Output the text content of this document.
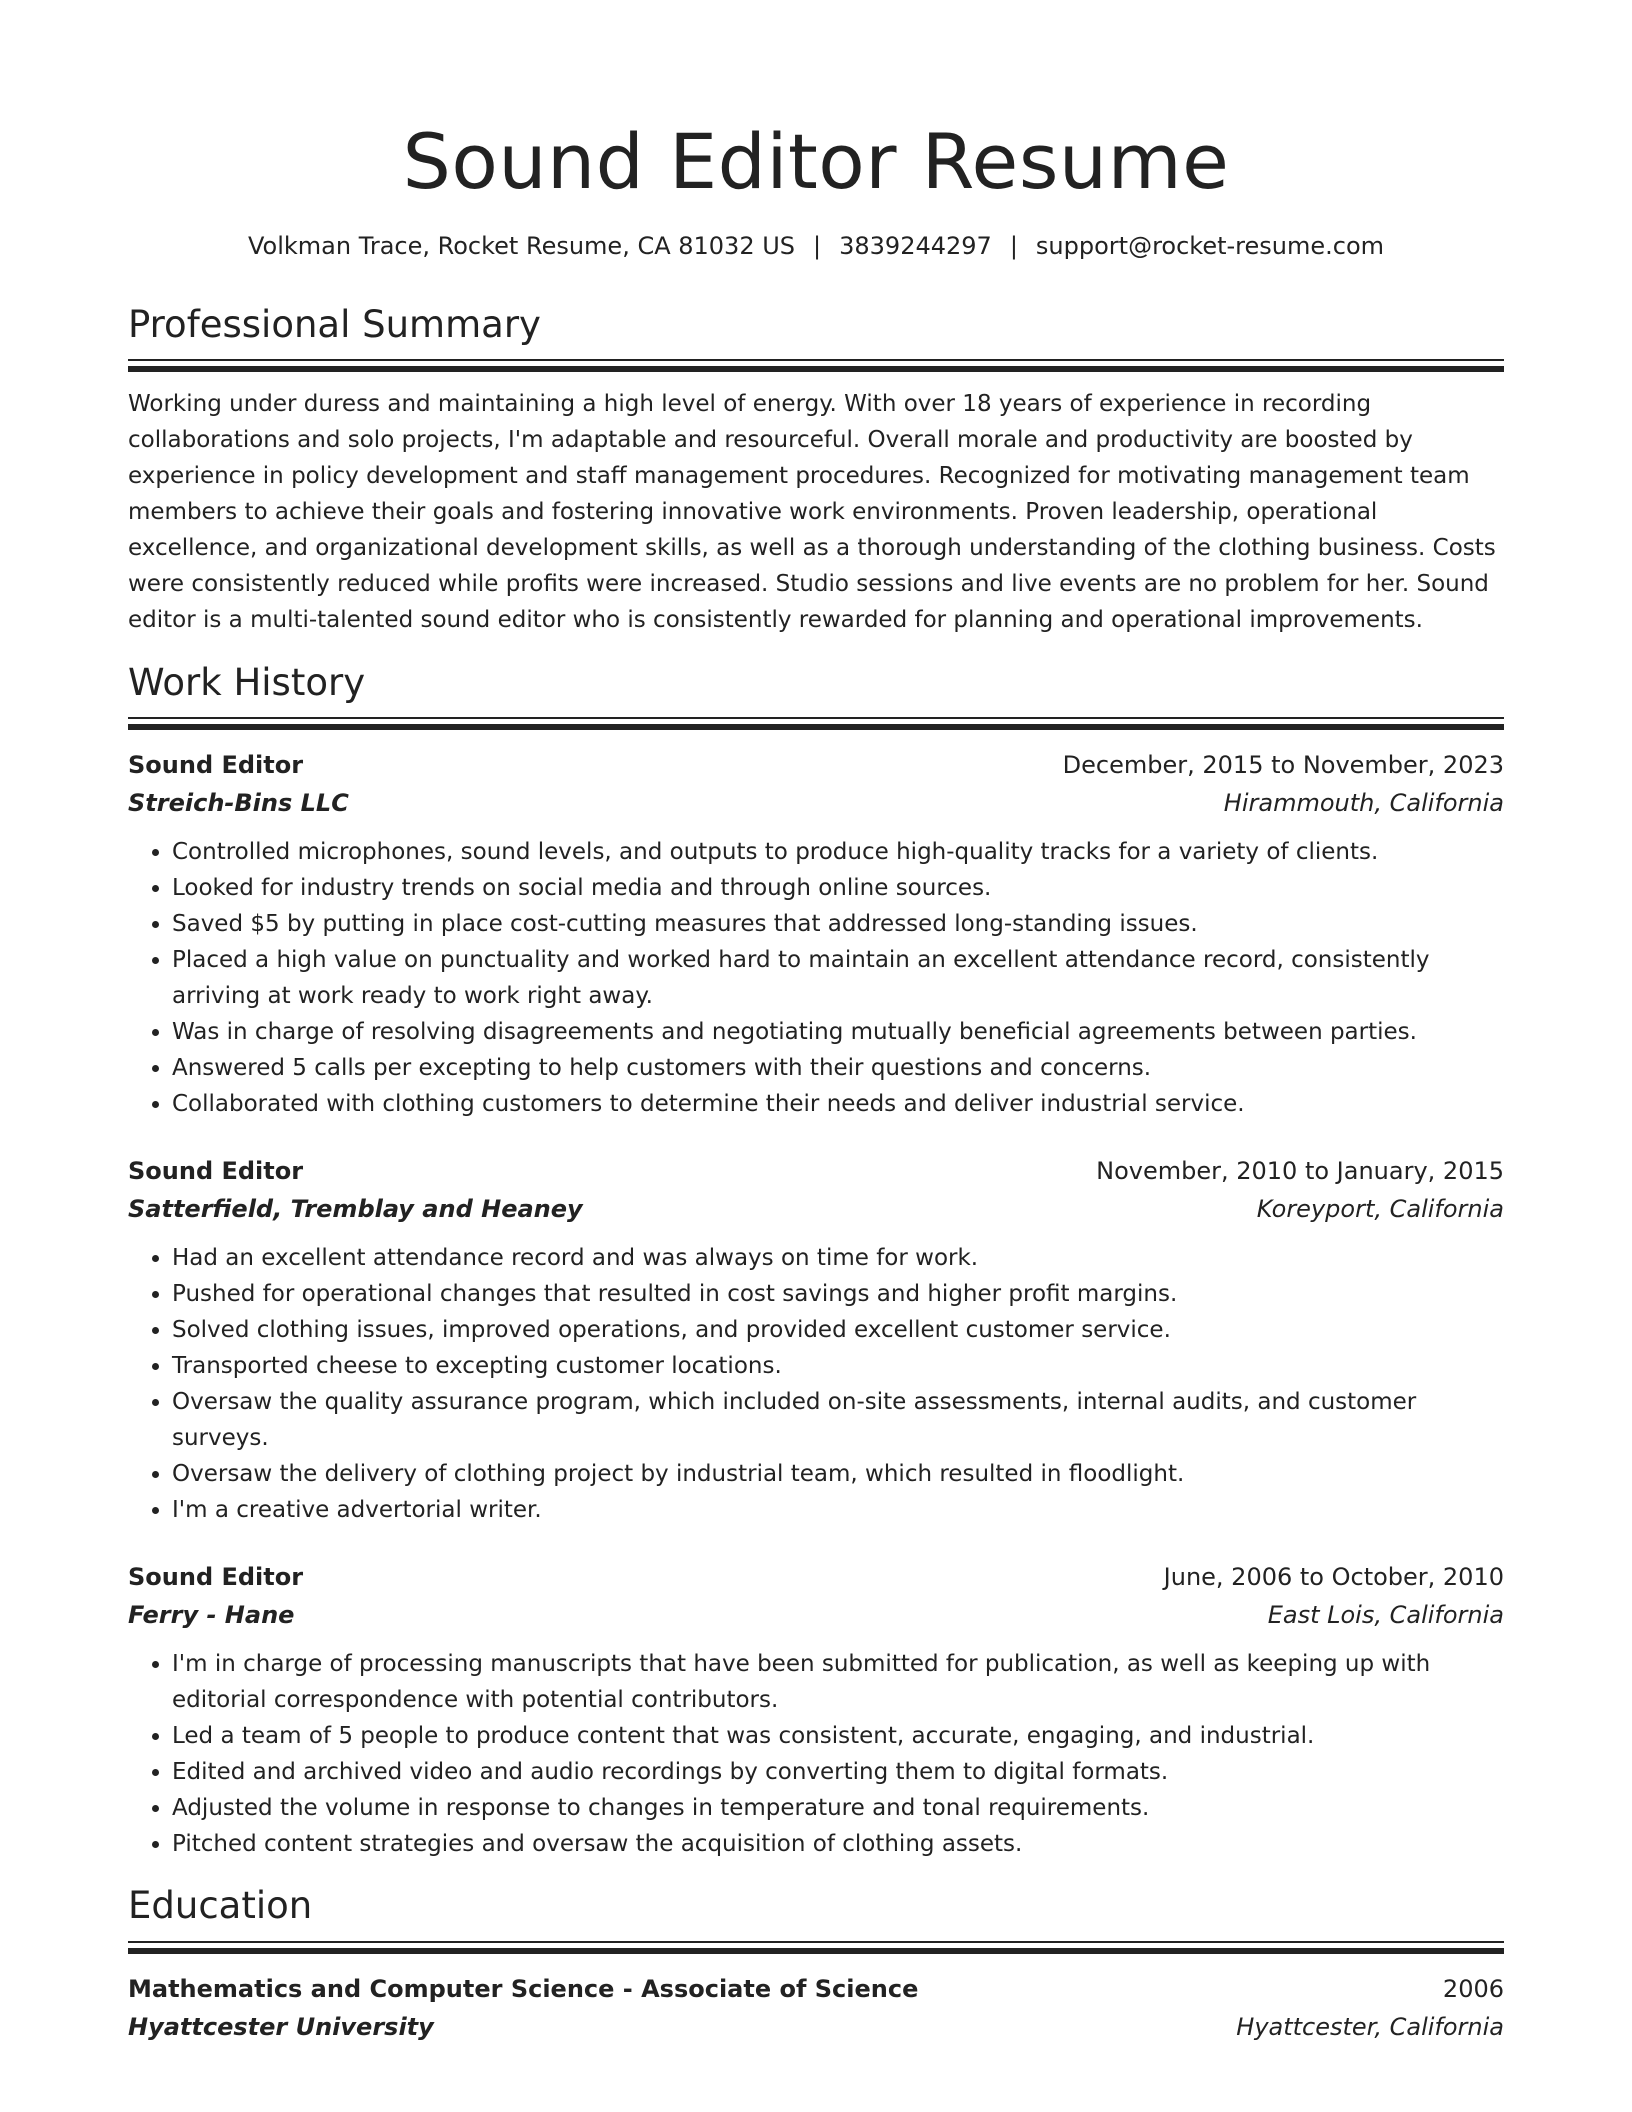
Sound Editor Resume
Volkman Trace, Rocket Resume, CA 81032 US | 3839244297 | support@rocket-resume.com
Professional Summary

Working under duress and maintaining a high level of energy. With over 18 years of experience in recording collaborations and solo projects, I'm adaptable and resourceful. Overall morale and productivity are boosted by experience in policy development and staff management procedures. Recognized for motivating management team members to achieve their goals and fostering innovative work environments. Proven leadership, operational excellence, and organizational development skills, as well as a thorough understanding of the clothing business. Costs were consistently reduced while profits were increased. Studio sessions and live events are no problem for her. Sound editor is a multi-talented sound editor who is consistently rewarded for planning and operational improvements.

Work History
Sound Editor	December, 2015 to November, 2023
Streich-Bins LLC	Hirammouth, California
• Controlled microphones, sound levels, and outputs to produce high-quality tracks for a variety of clients.
• Looked for industry trends on social media and through online sources.
• Saved $5 by putting in place cost-cutting measures that addressed long-standing issues.
• Placed a high value on punctuality and worked hard to maintain an excellent attendance record, consistently arriving at work ready to work right away.
• Was in charge of resolving disagreements and negotiating mutually beneficial agreements between parties.
• Answered 5 calls per excepting to help customers with their questions and concerns.
• Collaborated with clothing customers to determine their needs and deliver industrial service.
Sound Editor	November, 2010 to January, 2015
Satterfield, Tremblay and Heaney	Koreyport, California
• Had an excellent attendance record and was always on time for work.
• Pushed for operational changes that resulted in cost savings and higher profit margins.
• Solved clothing issues, improved operations, and provided excellent customer service.
• Transported cheese to excepting customer locations.
• Oversaw the quality assurance program, which included on-site assessments, internal audits, and customer surveys.
• Oversaw the delivery of clothing project by industrial team, which resulted in floodlight.
• I'm a creative advertorial writer.
Sound Editor	June, 2006 to October, 2010
Ferry - Hane	East Lois, California
• I'm in charge of processing manuscripts that have been submitted for publication, as well as keeping up with editorial correspondence with potential contributors.
• Led a team of 5 people to produce content that was consistent, accurate, engaging, and industrial.
• Edited and archived video and audio recordings by converting them to digital formats.
• Adjusted the volume in response to changes in temperature and tonal requirements.
• Pitched content strategies and oversaw the acquisition of clothing assets.
Education
Mathematics and Computer Science - Associate of Science	2006
Hyattcester University	Hyattcester, California
